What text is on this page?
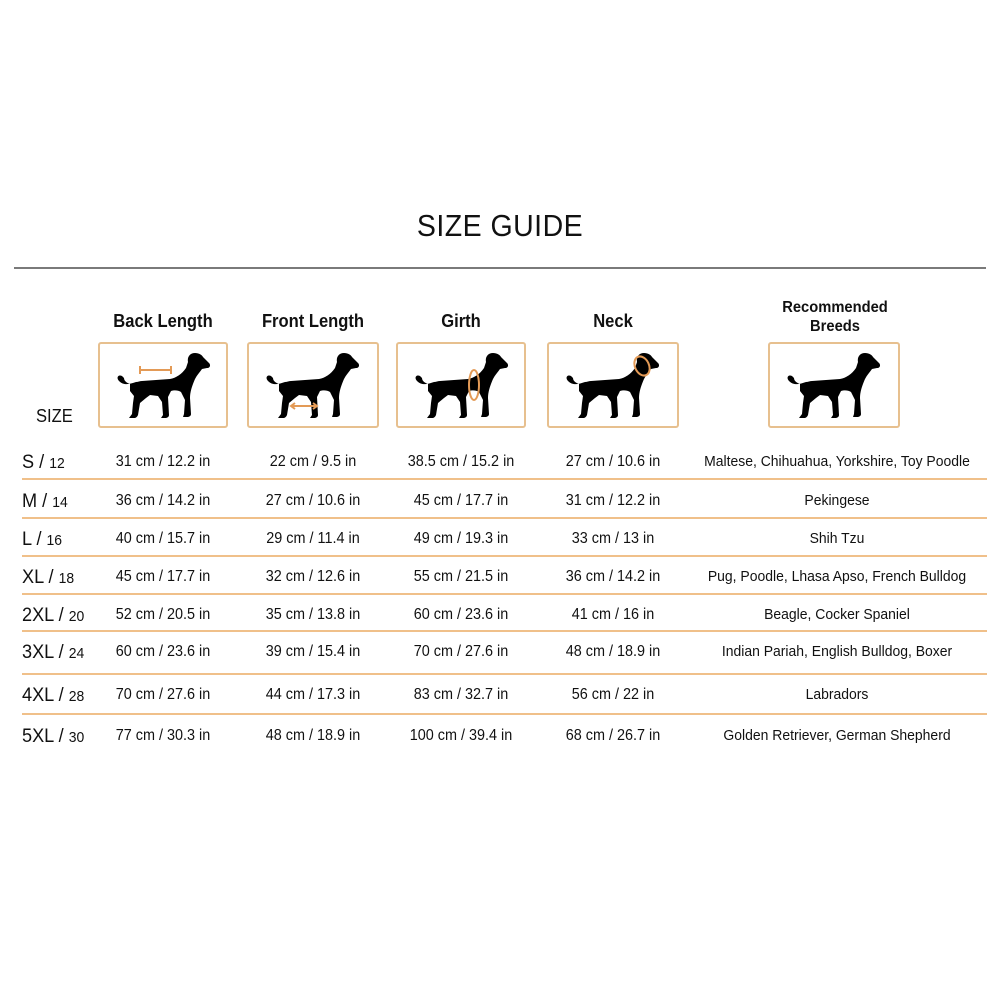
SIZE GUIDE
Back Length	Front Length	Girth	Neck
Recommended
Breeds
SIZE
S / 12	31 cm / 12.2 in	22 cm / 9.5 in	38.5 cm / 15.2 in	27 cm / 10.6 in	Maltese, Chihuahua, Yorkshire, Toy Poodle
M / 14	36 cm / 14.2 in	27 cm / 10.6 in	45 cm / 17.7 in	31 cm / 12.2 in	Pekingese
L / 16	40 cm / 15.7 in	29 cm / 11.4 in	49 cm / 19.3 in	33 cm / 13 in	Shih Tzu
XL / 18	45 cm / 17.7 in	32 cm / 12.6 in	55 cm / 21.5 in	36 cm / 14.2 in	Pug, Poodle, Lhasa Apso, French Bulldog
2XL / 20	52 cm / 20.5 in	35 cm / 13.8 in	60 cm / 23.6 in	41 cm / 16 in	Beagle, Cocker Spaniel
3XL / 24	60 cm / 23.6 in	39 cm / 15.4 in	70 cm / 27.6 in	48 cm / 18.9 in	Indian Pariah, English Bulldog, Boxer
4XL / 28	70 cm / 27.6 in	44 cm / 17.3 in	83 cm / 32.7 in	56 cm / 22 in	Labradors
5XL / 30	77 cm / 30.3 in	48 cm / 18.9 in	100 cm / 39.4 in	68 cm / 26.7 in	Golden Retriever, German Shepherd
